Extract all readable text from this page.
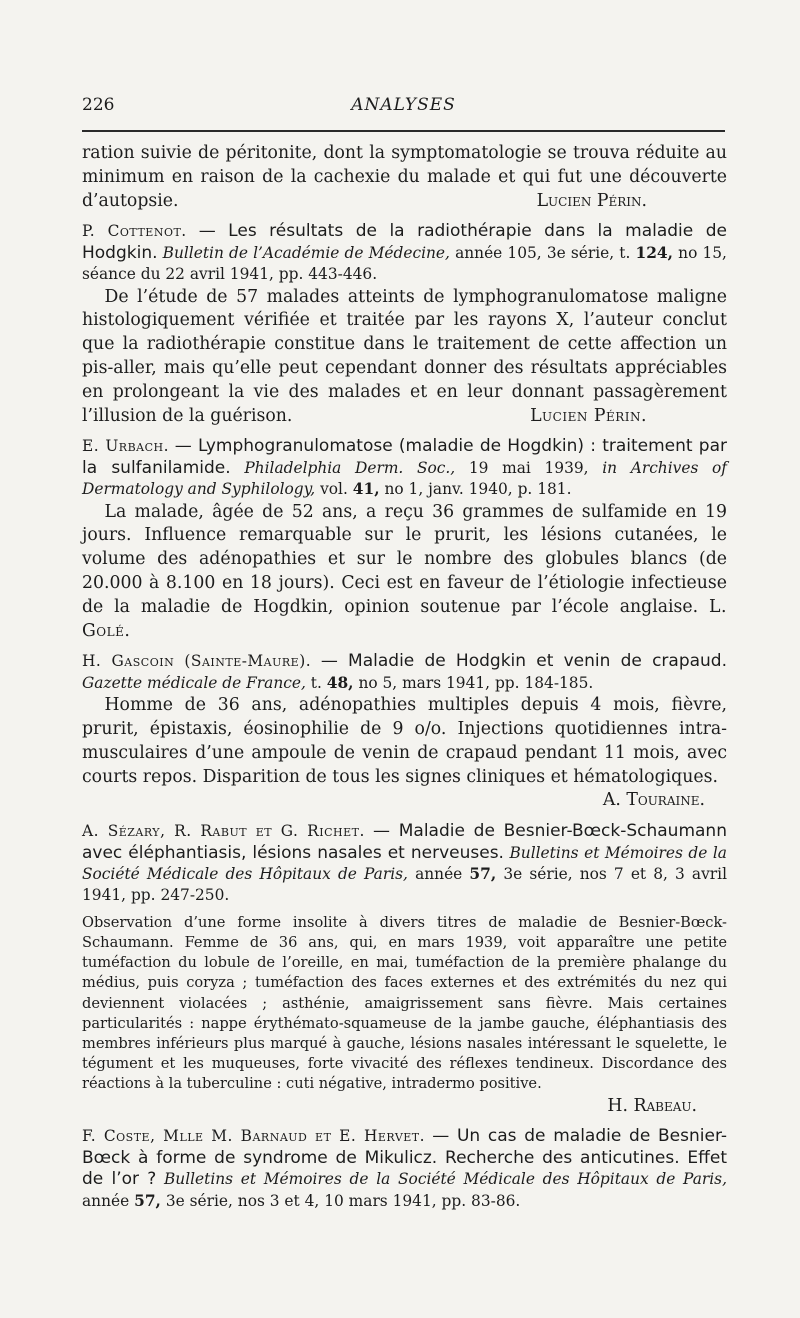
226	ANALYSES

ration suivie de péritonite, dont la symptomatologie se trouva réduite au minimum en raison de la cachexie du malade et qui fut une découverte d’autopsie.	Lucien Périn.

P. Cottenot. — Les résultats de la radiothérapie dans la maladie de Hodgkin. Bulletin de l’Académie de Médecine, année 105, 3e série, t. 124, no 15, séance du 22 avril 1941, pp. 443-446.

De l’étude de 57 malades atteints de lymphogranulomatose maligne histologiquement vérifiée et traitée par les rayons X, l’auteur conclut que la radiothérapie constitue dans le traitement de cette affection un pis-aller, mais qu’elle peut cependant donner des résultats appréciables en prolongeant la vie des malades et en leur donnant passagèrement l’illusion de la guérison.	Lucien Périn.

E. Urbach. — Lymphogranulomatose (maladie de Hogdkin) : traitement par la sulfanilamide. Philadelphia Derm. Soc., 19 mai 1939, in Archives of Dermatology and Syphilology, vol. 41, no 1, janv. 1940, p. 181.

La malade, âgée de 52 ans, a reçu 36 grammes de sulfamide en 19 jours. Influence remarquable sur le prurit, les lésions cutanées, le volume des adénopathies et sur le nombre des globules blancs (de 20.000 à 8.100 en 18 jours). Ceci est en faveur de l’étiologie infectieuse de la maladie de Hogdkin, opinion soutenue par l’école anglaise. L. Golé.

H. Gascoin (Sainte-Maure). — Maladie de Hodgkin et venin de crapaud. Gazette médicale de France, t. 48, no 5, mars 1941, pp. 184-185.

Homme de 36 ans, adénopathies multiples depuis 4 mois, fièvre, prurit, épistaxis, éosinophilie de 9 o/o. Injections quotidiennes intra-musculaires d’une ampoule de venin de crapaud pendant 11 mois, avec courts repos. Disparition de tous les signes cliniques et hématologiques.

A. Touraine.

A. Sézary, R. Rabut et G. Richet. — Maladie de Besnier-Bœck-Schaumann avec éléphantiasis, lésions nasales et nerveuses. Bulletins et Mémoires de la Société Médicale des Hôpitaux de Paris, année 57, 3e série, nos 7 et 8, 3 avril 1941, pp. 247-250.

Observation d’une forme insolite à divers titres de maladie de Besnier-Bœck-Schaumann. Femme de 36 ans, qui, en mars 1939, voit apparaître une petite tuméfaction du lobule de l’oreille, en mai, tuméfaction de la première phalange du médius, puis coryza ; tuméfaction des faces externes et des extrémités du nez qui deviennent violacées ; asthénie, amaigrissement sans fièvre. Mais certaines particularités : nappe érythémato-squameuse de la jambe gauche, éléphantiasis des membres inférieurs plus marqué à gauche, lésions nasales intéressant le squelette, le tégument et les muqueuses, forte vivacité des réflexes tendineux. Discordance des réactions à la tuberculine : cuti négative, intradermo positive.

H. Rabeau.

F. Coste, Mlle M. Barnaud et E. Hervet. — Un cas de maladie de Besnier-Bœck à forme de syndrome de Mikulicz. Recherche des anticutines. Effet de l’or ? Bulletins et Mémoires de la Société Médicale des Hôpitaux de Paris, année 57, 3e série, nos 3 et 4, 10 mars 1941, pp. 83-86.
